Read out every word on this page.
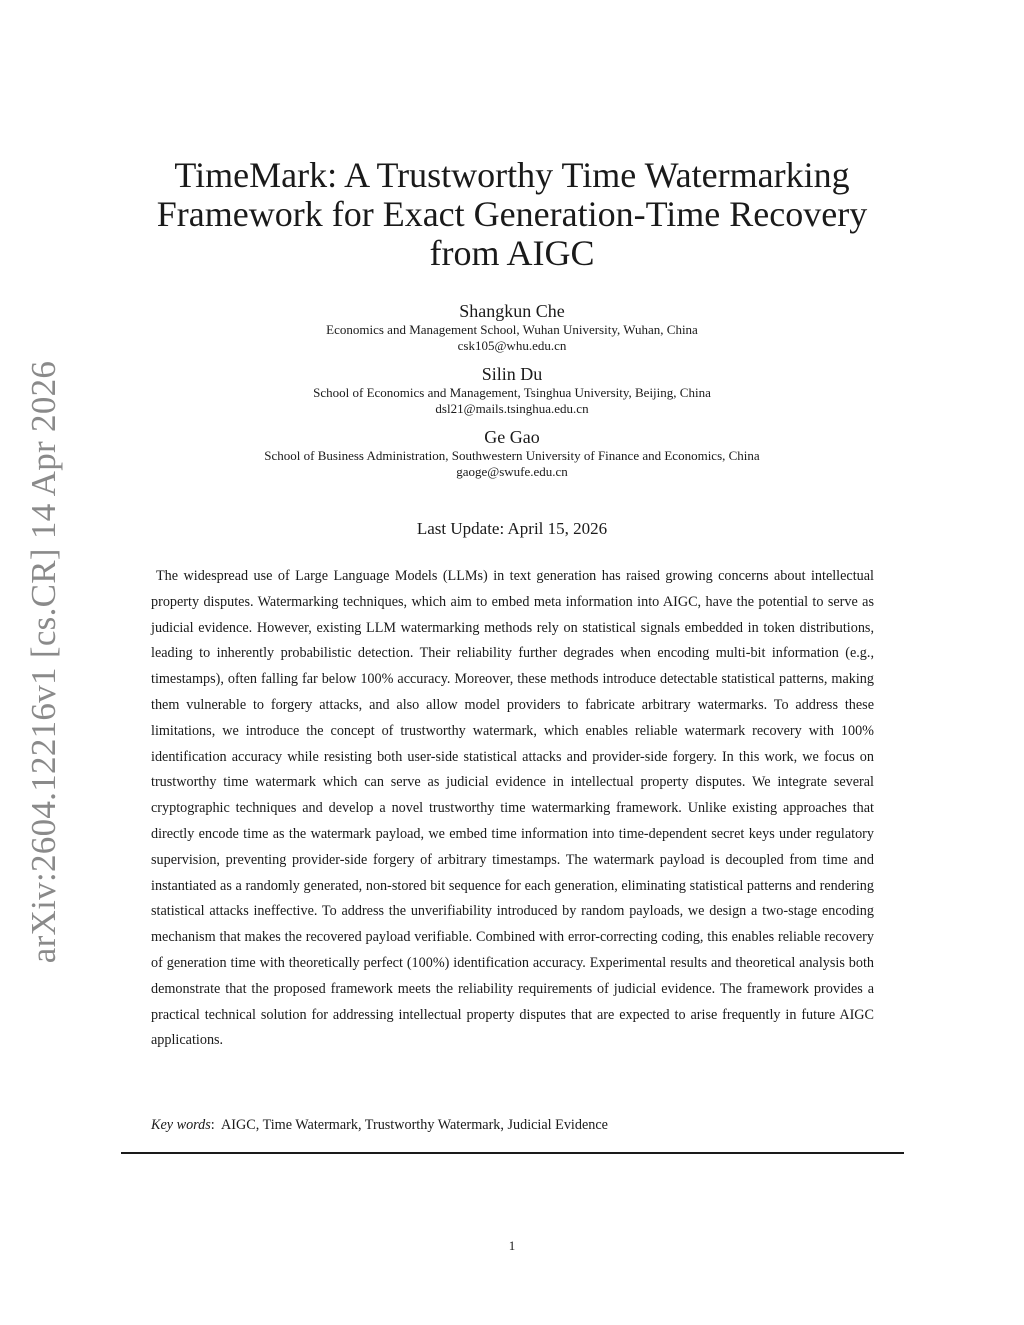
arXiv:2604.12216v1 [cs.CR] 14 Apr 2026
TimeMark: A Trustworthy Time Watermarking Framework for Exact Generation-Time Recovery from AIGC
Shangkun Che
Economics and Management School, Wuhan University, Wuhan, China
csk105@whu.edu.cn
Silin Du
School of Economics and Management, Tsinghua University, Beijing, China
dsl21@mails.tsinghua.edu.cn
Ge Gao
School of Business Administration, Southwestern University of Finance and Economics, China
gaoge@swufe.edu.cn
Last Update: April 15, 2026

The widespread use of Large Language Models (LLMs) in text generation has raised growing concerns about intellectual property disputes. Watermarking techniques, which aim to embed meta information into AIGC, have the potential to serve as judicial evidence. However, existing LLM watermarking methods rely on statistical signals embedded in token distributions, leading to inherently probabilistic detection. Their reliability further degrades when encoding multi-bit information (e.g., timestamps), often falling far below 100% accuracy. Moreover, these methods introduce detectable statistical patterns, making them vulnerable to forgery attacks, and also allow model providers to fabricate arbitrary watermarks. To address these limitations, we introduce the concept of trustworthy watermark, which enables reliable watermark recovery with 100% identification accuracy while resisting both user-side statistical attacks and provider-side forgery. In this work, we focus on trustworthy time watermark which can serve as judicial evidence in intellectual property disputes. We integrate several cryptographic techniques and develop a novel trustworthy time watermarking framework. Unlike existing approaches that directly encode time as the watermark payload, we embed time information into time-dependent secret keys under regulatory supervision, preventing provider-side forgery of arbitrary timestamps. The watermark payload is decoupled from time and instantiated as a randomly generated, non-stored bit sequence for each generation, eliminating statistical patterns and rendering statistical attacks ineffective. To address the unverifiability introduced by random payloads, we design a two-stage encoding mechanism that makes the recovered payload verifiable. Combined with error-correcting coding, this enables reliable recovery of generation time with theoretically perfect (100%) identification accuracy. Experimental results and theoretical analysis both demonstrate that the proposed framework meets the reliability requirements of judicial evidence. The framework provides a practical technical solution for addressing intellectual property disputes that are expected to arise frequently in future AIGC applications.

Key words:  AIGC, Time Watermark, Trustworthy Watermark, Judicial Evidence
1
